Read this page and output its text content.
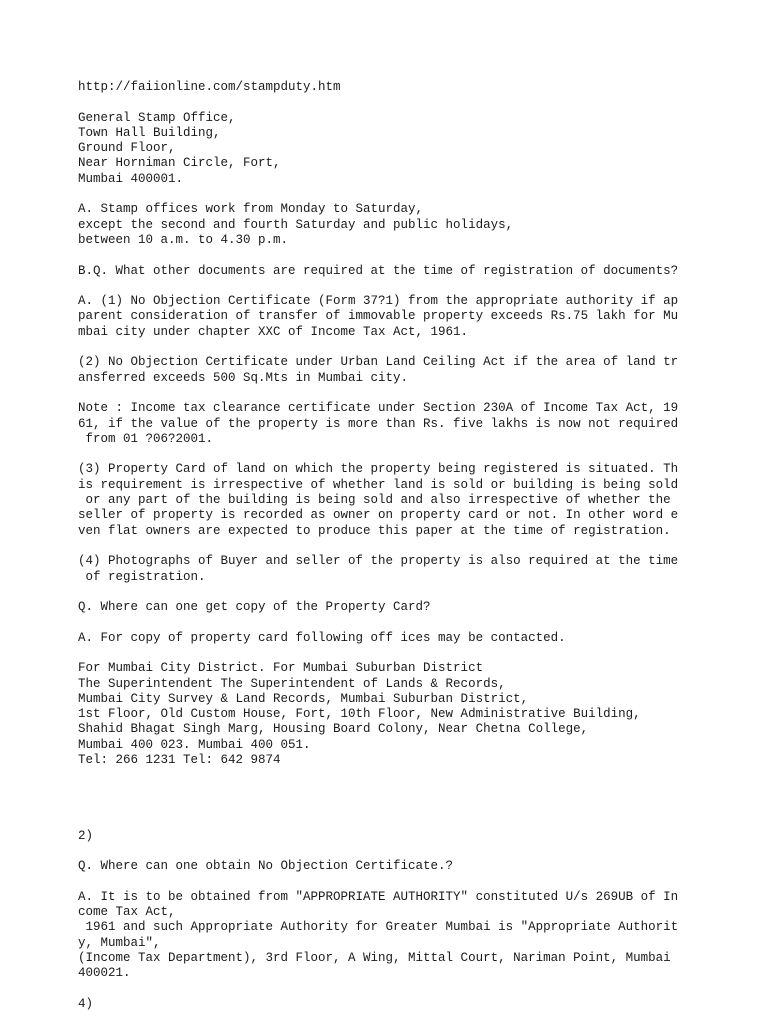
http://faiionline.com/stampduty.htm
General Stamp Office,
Town Hall Building,
Ground Floor,
Near Horniman Circle, Fort,
Mumbai 400001.
A. Stamp offices work from Monday to Saturday,
except the second and fourth Saturday and public holidays,
between 10 a.m. to 4.30 p.m.
B.Q. What other documents are required at the time of registration of documents?
A. (1) No Objection Certificate (Form 37?1) from the appropriate authority if ap
parent consideration of transfer of immovable property exceeds Rs.75 lakh for Mu
mbai city under chapter XXC of Income Tax Act, 1961.
(2) No Objection Certificate under Urban Land Ceiling Act if the area of land tr
ansferred exceeds 500 Sq.Mts in Mumbai city.
Note : Income tax clearance certificate under Section 230A of Income Tax Act, 19
61, if the value of the property is more than Rs. five lakhs is now not required
from 01 ?06?2001.
(3) Property Card of land on which the property being registered is situated. Th
is requirement is irrespective of whether land is sold or building is being sold
or any part of the building is being sold and also irrespective of whether the
seller of property is recorded as owner on property card or not. In other word e
ven flat owners are expected to produce this paper at the time of registration.
(4) Photographs of Buyer and seller of the property is also required at the time
of registration.
Q. Where can one get copy of the Property Card?
A. For copy of property card following off ices may be contacted.
For Mumbai City District. For Mumbai Suburban District
The Superintendent The Superintendent of Lands & Records,
Mumbai City Survey & Land Records, Mumbai Suburban District,
1st Floor, Old Custom House, Fort, 10th Floor, New Administrative Building,
Shahid Bhagat Singh Marg, Housing Board Colony, Near Chetna College,
Mumbai 400 023. Mumbai 400 051.
Tel: 266 1231 Tel: 642 9874
2)
Q. Where can one obtain No Objection Certificate.?
A. It is to be obtained from "APPROPRIATE AUTHORITY" constituted U/s 269UB of In
come Tax Act,
1961 and such Appropriate Authority for Greater Mumbai is "Appropriate Authorit
y, Mumbai",
(Income Tax Department), 3rd Floor, A Wing, Mittal Court, Nariman Point, Mumbai
400021.
4)
